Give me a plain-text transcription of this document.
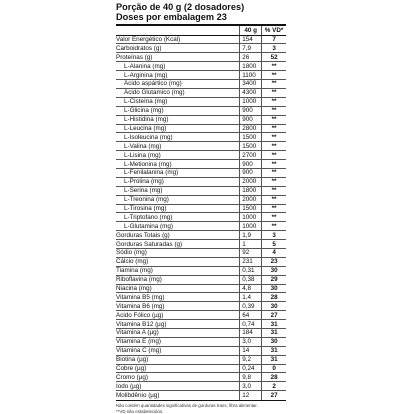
Porção de 40 g (2 dosadores)
Doses por embalagem 23
40 g	% VD*
Valor Energético (Kcal)	154	7
Carboidratos (g)	7,9	3
Proteínas (g)	26	52
L-Alanina (mg)	1800	**
L-Arginina (mg)	1100	**
Ácido aspártico (mg)	3400	**
Ácido Glutamico (mg)	4300	**
L-Cisteína (mg)	1000	**
L-Glicina (mg)	900	**
L-Histidina (mg)	900	**
L-Leucina (mg)	2800	**
L-Isoleucina (mg)	1500	**
L-Valina (mg)	1500	**
L-Lisina (mg)	2700	**
L-Metionina (mg)	900	**
L-Fenilalanina (mg)	900	**
L-Prolina (mg)	2000	**
L-Serina (mg)	1800	**
L-Treonina (mg)	2000	**
L-Tirosina (mg)	1500	**
L-Triptofano (mg)	1000	**
L-Glutamina (mg)	1000	**
Gorduras Totais (g)	1,9	3
Gorduras Saturadas (g)	1	5
Sódio (mg)	92	4
Cálcio (mg)	231	23
Tiamina (mg)	0,31	30
Riboflavina (mg)	0,38	29
Niacina (mg)	4,8	30
Vitamina B5 (mg)	1,4	28
Vitamina B6 (mg)	0,39	30
Ácido Fólico (µg)	64	27
Vitamina B12 (µg)	0,74	31
Vitamina A (µg)	184	31
Vitamina E (mg)	3,0	30
Vitamina C (mg)	14	31
Biotina (µg)	9,2	31
Cobre (µg)	0,24	0
Cromo (µg)	9,8	28
Iodo (µg)	3,0	2
Molibdênio (µg)	12	27
Não contém quantidades significativas de gorduras trans, fibra alimentar.
**VD não estabelecidos.
